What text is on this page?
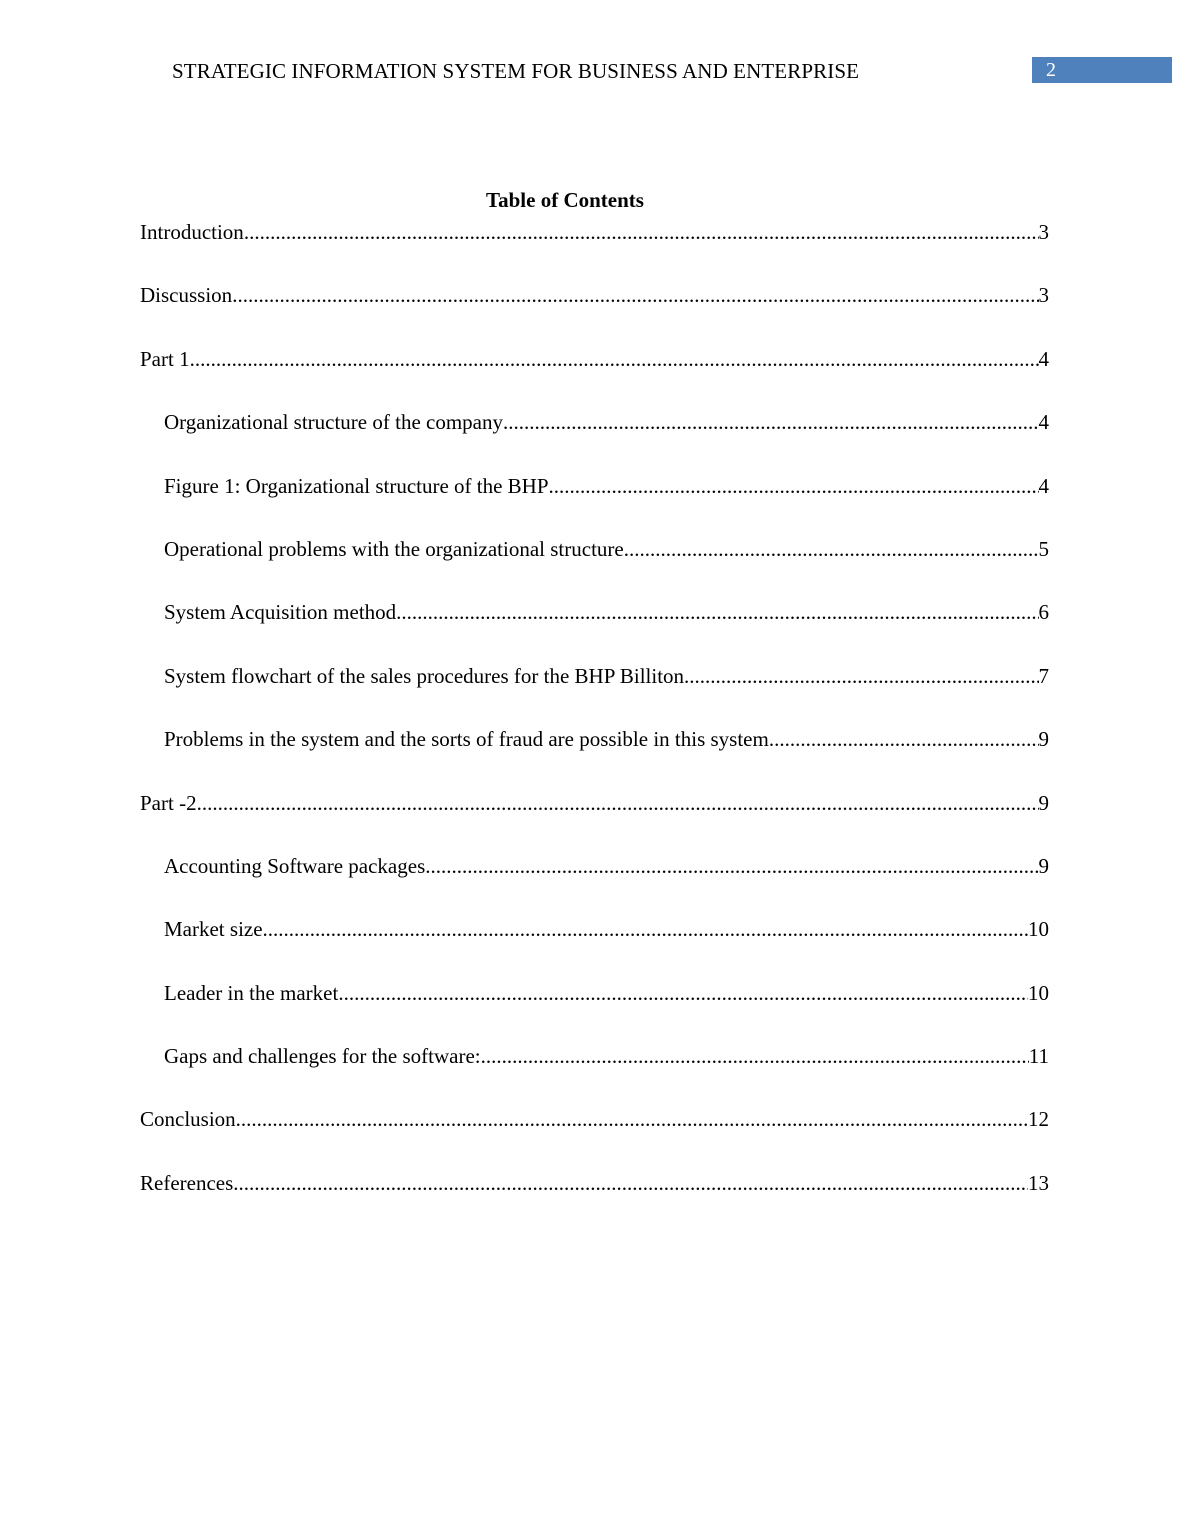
STRATEGIC INFORMATION SYSTEM FOR BUSINESS AND ENTERPRISE	2
Table of Contents
Introduction .....	3
Discussion .....	3
Part 1 .....	4
Organizational structure of the company .....	4
Figure 1: Organizational structure of the BHP .....	4
Operational problems with the organizational structure .....	5
System Acquisition method .....	6
System flowchart of the sales procedures for the BHP Billiton .....	7
Problems in the system and the sorts of fraud are possible in this system .....	9
Part -2 .....	9
Accounting Software packages .....	9
Market size .....	10
Leader in the market .....	10
Gaps and challenges for the software: .....	11
Conclusion .....	12
References .....	13
